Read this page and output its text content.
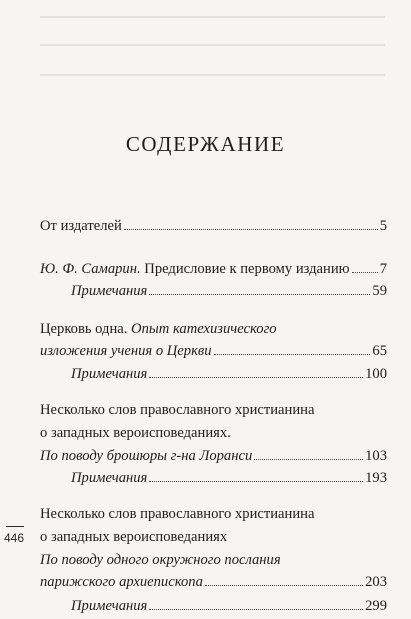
СОДЕРЖАНИЕ
От издателей	5
Ю. Ф. Самарин. Предисловие к первому изданию 7
Примечания	59
Церковь одна. Опыт катехизического
изложения учения о Церкви	65
Примечания	100
Несколько слов православного христианина
о западных вероисповеданиях.
По поводу брошюры г-на Лоранси	103
Примечания	193
Несколько слов православного христианина
о западных вероисповеданиях
По поводу одного окружного послания
парижского архиепископа	203
Примечания	299
446
